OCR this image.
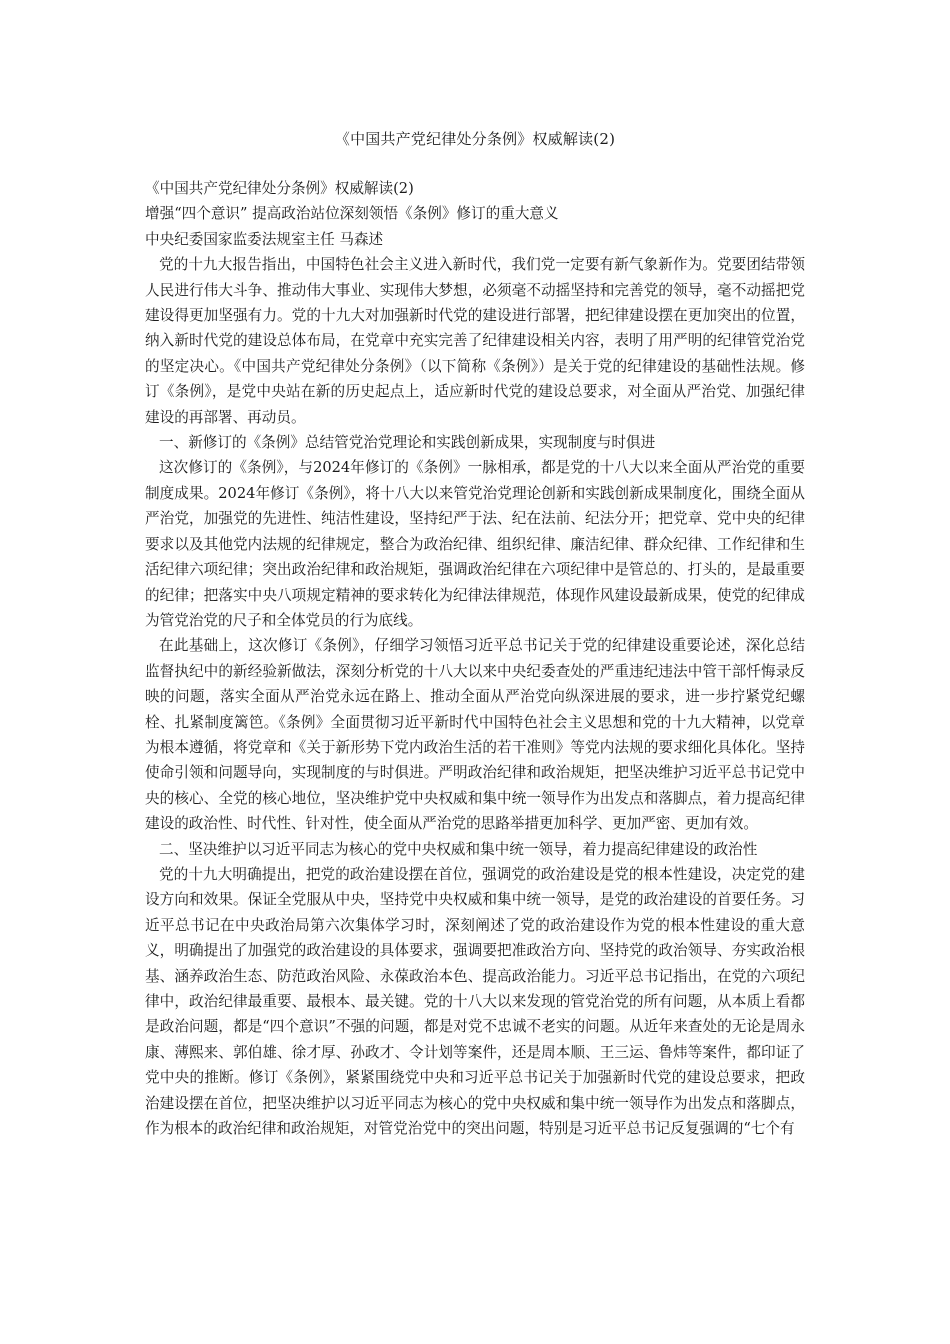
《中国共产党纪律处分条例》权威解读(2)

《中国共产党纪律处分条例》权威解读(2)

增强“四个意识” 提高政治站位深刻领悟《条例》修订的重大意义

中央纪委国家监委法规室主任 马森述

党的十九大报告指出，中国特色社会主义进入新时代，我们党一定要有新气象新作为。党要团结带领人民进行伟大斗争、推动伟大事业、实现伟大梦想，必须毫不动摇坚持和完善党的领导，毫不动摇把党建设得更加坚强有力。党的十九大对加强新时代党的建设进行部署，把纪律建设摆在更加突出的位置，纳入新时代党的建设总体布局，在党章中充实完善了纪律建设相关内容，表明了用严明的纪律管党治党的坚定决心。《中国共产党纪律处分条例》（以下简称《条例》）是关于党的纪律建设的基础性法规。修订《条例》，是党中央站在新的历史起点上，适应新时代党的建设总要求，对全面从严治党、加强纪律建设的再部署、再动员。

一、新修订的《条例》总结管党治党理论和实践创新成果，实现制度与时俱进

这次修订的《条例》，与2024年修订的《条例》一脉相承，都是党的十八大以来全面从严治党的重要制度成果。2024年修订《条例》，将十八大以来管党治党理论创新和实践创新成果制度化，围绕全面从严治党，加强党的先进性、纯洁性建设，坚持纪严于法、纪在法前、纪法分开；把党章、党中央的纪律要求以及其他党内法规的纪律规定，整合为政治纪律、组织纪律、廉洁纪律、群众纪律、工作纪律和生活纪律六项纪律；突出政治纪律和政治规矩，强调政治纪律在六项纪律中是管总的、打头的，是最重要的纪律；把落实中央八项规定精神的要求转化为纪律法律规范，体现作风建设最新成果，使党的纪律成为管党治党的尺子和全体党员的行为底线。

在此基础上，这次修订《条例》，仔细学习领悟习近平总书记关于党的纪律建设重要论述，深化总结监督执纪中的新经验新做法，深刻分析党的十八大以来中央纪委查处的严重违纪违法中管干部忏悔录反映的问题，落实全面从严治党永远在路上、推动全面从严治党向纵深进展的要求，进一步拧紧党纪螺栓、扎紧制度篱笆。《条例》全面贯彻习近平新时代中国特色社会主义思想和党的十九大精神，以党章为根本遵循，将党章和《关于新形势下党内政治生活的若干准则》等党内法规的要求细化具体化。坚持使命引领和问题导向，实现制度的与时俱进。严明政治纪律和政治规矩，把坚决维护习近平总书记党中央的核心、全党的核心地位，坚决维护党中央权威和集中统一领导作为出发点和落脚点，着力提高纪律建设的政治性、时代性、针对性，使全面从严治党的思路举措更加科学、更加严密、更加有效。

二、坚决维护以习近平同志为核心的党中央权威和集中统一领导，着力提高纪律建设的政治性

党的十九大明确提出，把党的政治建设摆在首位，强调党的政治建设是党的根本性建设，决定党的建设方向和效果。保证全党服从中央，坚持党中央权威和集中统一领导，是党的政治建设的首要任务。习近平总书记在中央政治局第六次集体学习时，深刻阐述了党的政治建设作为党的根本性建设的重大意义，明确提出了加强党的政治建设的具体要求，强调要把准政治方向、坚持党的政治领导、夯实政治根基、涵养政治生态、防范政治风险、永葆政治本色、提高政治能力。习近平总书记指出，在党的六项纪律中，政治纪律最重要、最根本、最关键。党的十八大以来发现的管党治党的所有问题，从本质上看都是政治问题，都是“四个意识”不强的问题，都是对党不忠诚不老实的问题。从近年来查处的无论是周永康、薄熙来、郭伯雄、徐才厚、孙政才、令计划等案件，还是周本顺、王三运、鲁炜等案件，都印证了党中央的推断。修订《条例》，紧紧围绕党中央和习近平总书记关于加强新时代党的建设总要求，把政治建设摆在首位，把坚决维护以习近平同志为核心的党中央权威和集中统一领导作为出发点和落脚点，作为根本的政治纪律和政治规矩，对管党治党中的突出问题，特别是习近平总书记反复强调的“七个有
